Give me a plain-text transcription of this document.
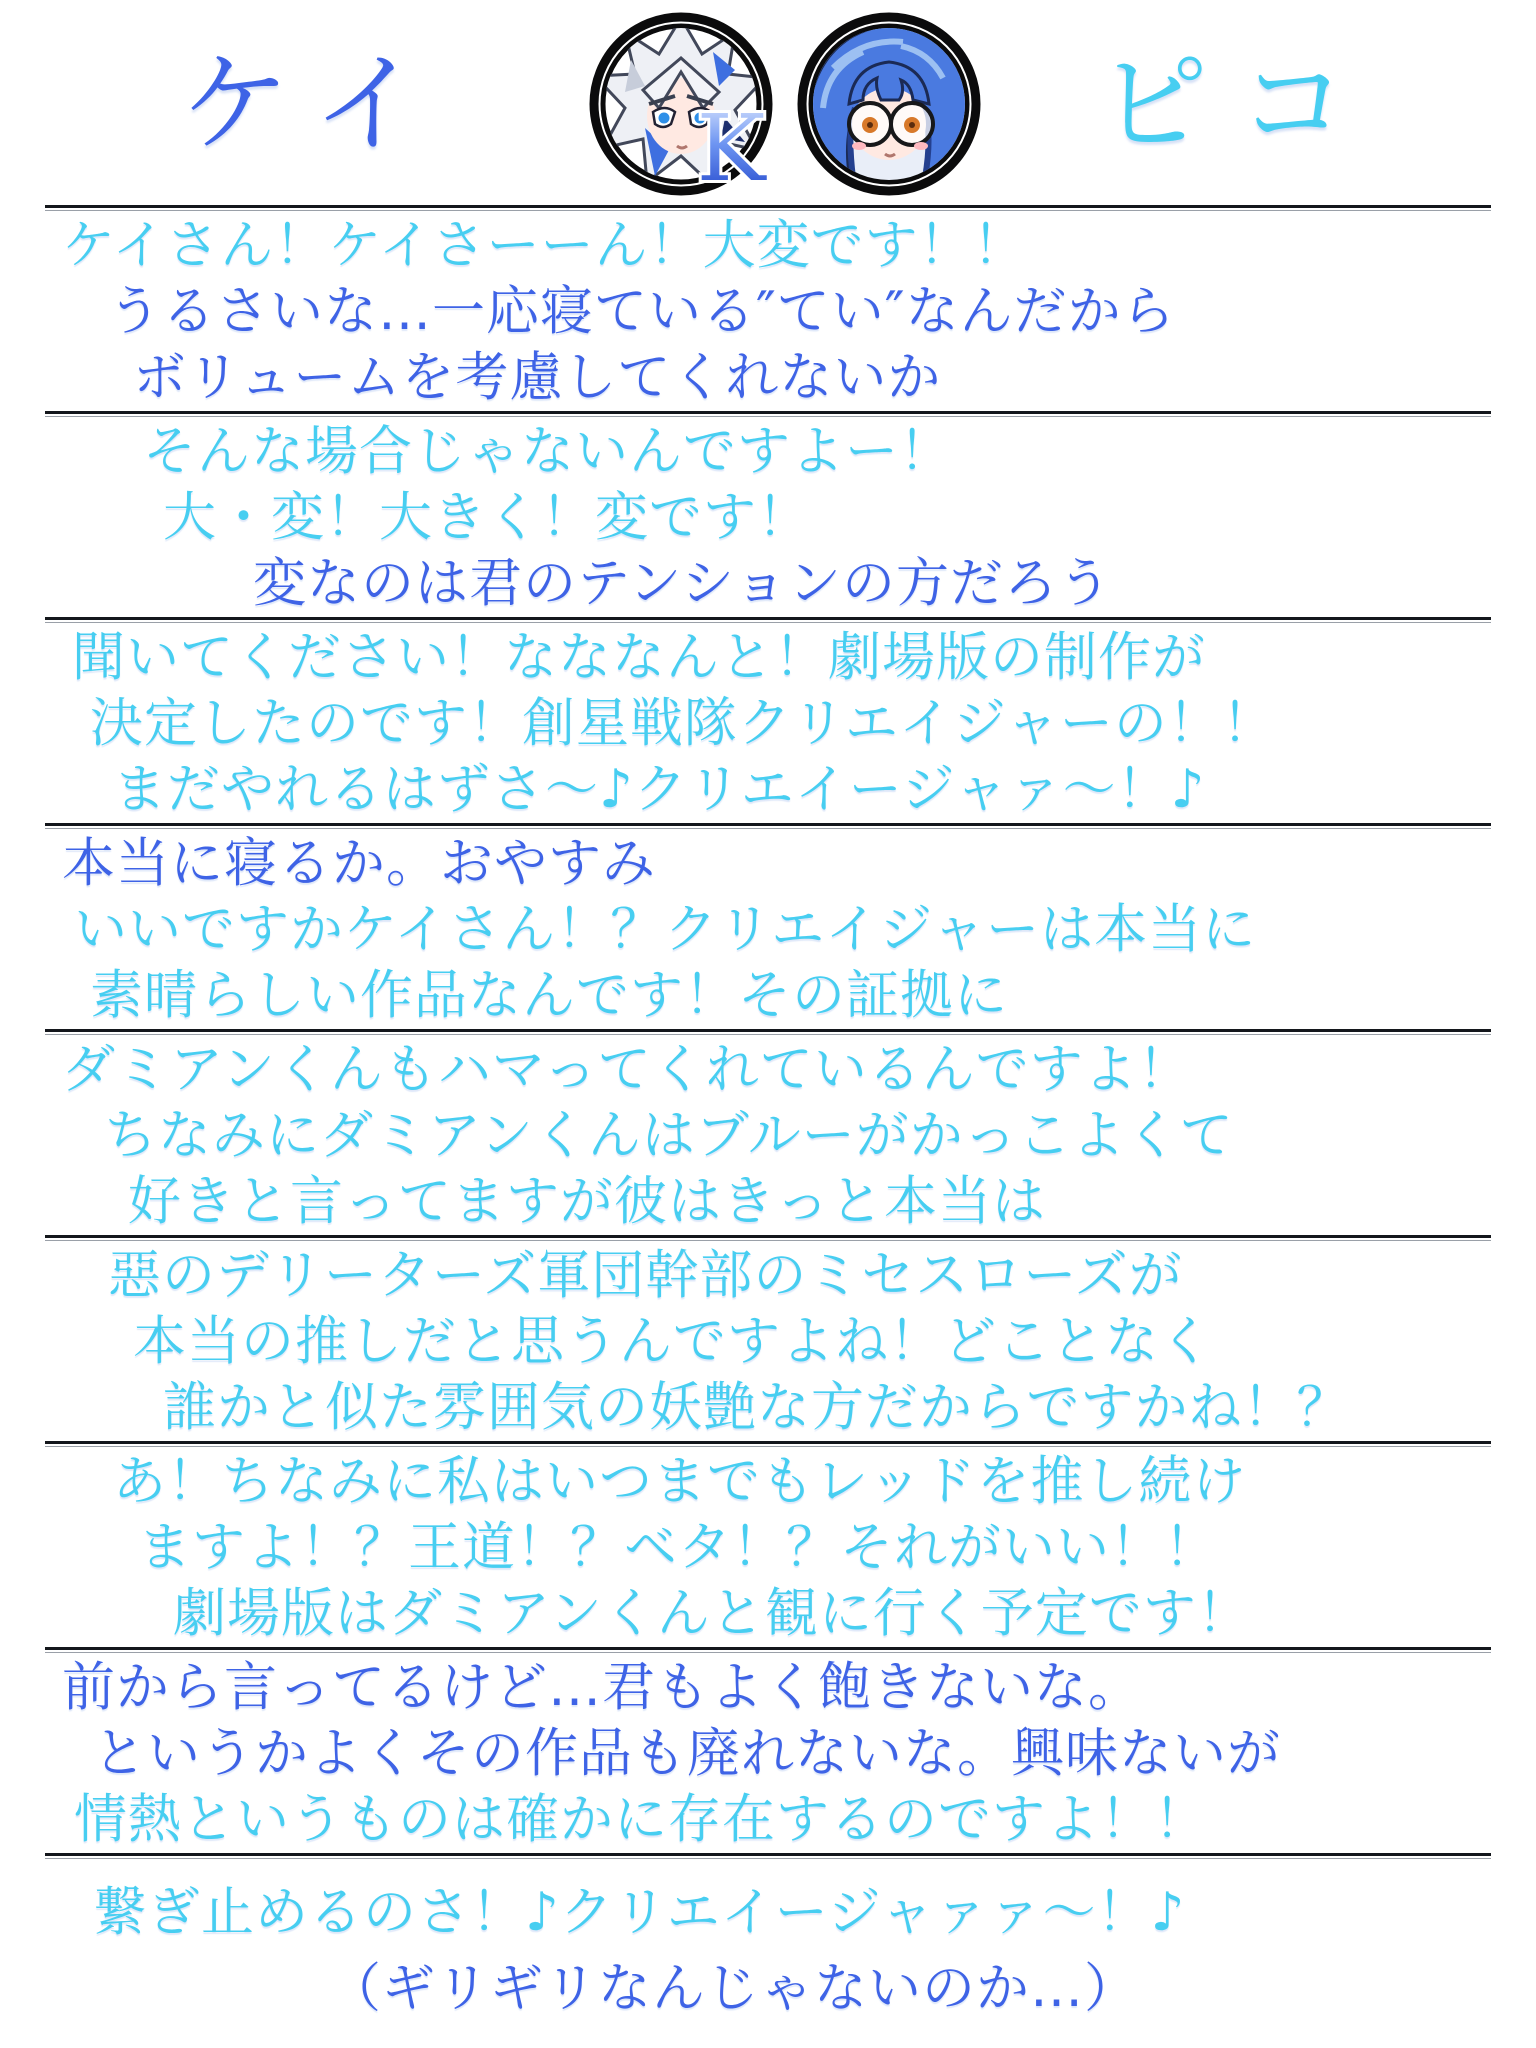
ケイ	K	ピコ
ケイさん！ケイさーーん！大変です！！
うるさいな…一応寝ている″てい″なんだから
ボリュームを考慮してくれないか
そんな場合じゃないんですよー！
大・変！大きく！変です！
変なのは君のテンションの方だろう
聞いてください！なななんと！劇場版の制作が
決定したのです！創星戦隊クリエイジャーの！！
まだやれるはずさ～♪クリエイージャァ～！♪
本当に寝るか。おやすみ
いいですかケイさん！？クリエイジャーは本当に
素晴らしい作品なんです！その証拠に
ダミアンくんもハマってくれているんですよ！
ちなみにダミアンくんはブルーがかっこよくて
好きと言ってますが彼はきっと本当は
惡のデリーターズ軍団幹部のミセスローズが
本当の推しだと思うんですよね！どことなく
誰かと似た雰囲気の妖艶な方だからですかね！？
あ！ちなみに私はいつまでもレッドを推し続け
ますよ！？王道！？ベタ！？それがいい！！
劇場版はダミアンくんと観に行く予定です！
前から言ってるけど…君もよく飽きないな。
というかよくその作品も廃れないな。興味ないが
情熱というものは確かに存在するのですよ！！
繋ぎ止めるのさ！♪クリエイージャァァ～！♪
（ギリギリなんじゃないのか…）
